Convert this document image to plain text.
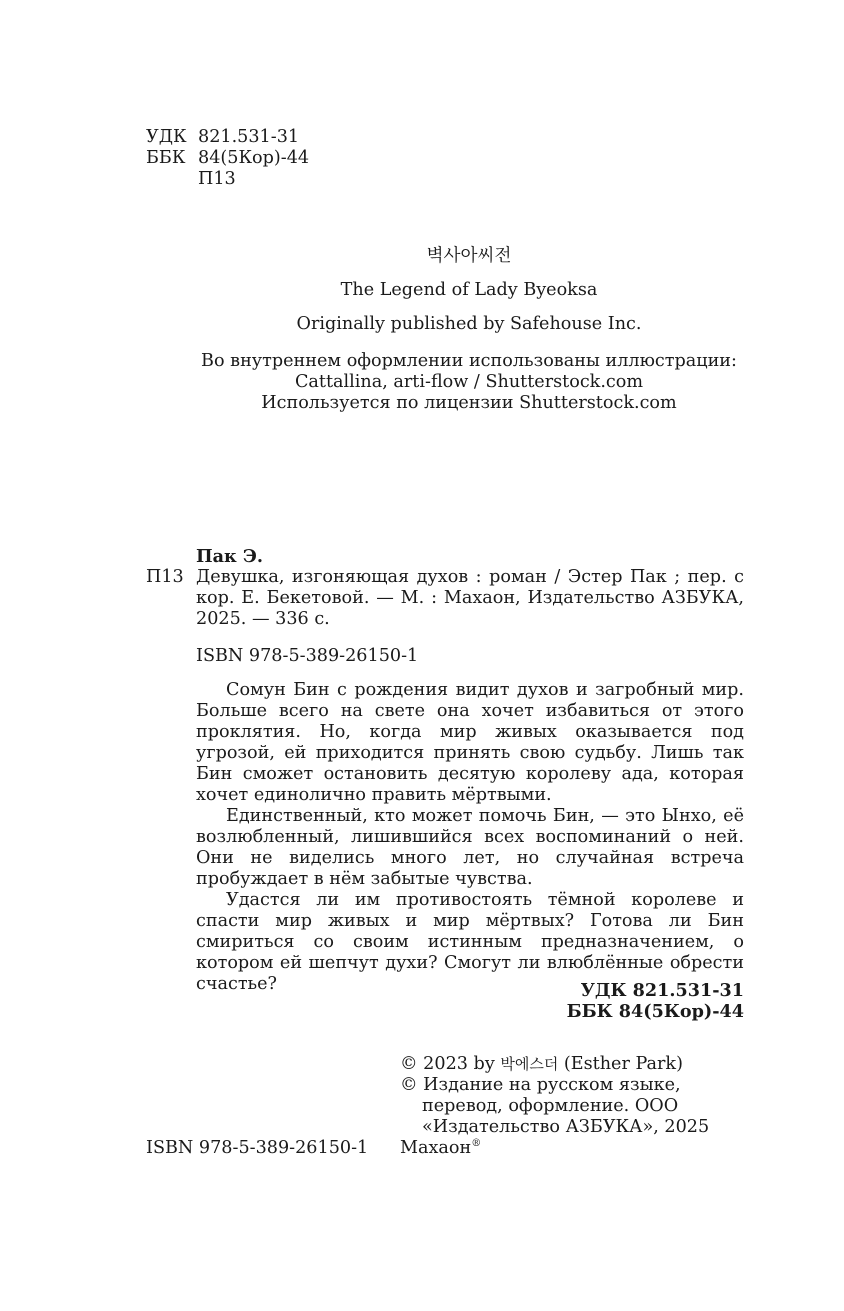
УДК 821.531-31
ББК 84(5Кор)-44
П13
벽사아씨전
The Legend of Lady Byeoksa
Originally published by Safehouse Inc.
Во внутреннем оформлении использованы иллюстрации:
Cattallina, arti-flow / Shutterstock.com
Используется по лицензии Shutterstock.com
Пак Э.
П13 Девушка, изгоняющая духов : роман / Эстер Пак ; пер. с кор. Е. Бекетовой. — М. : Махаон, Издательство АЗБУКА, 2025. — 336 с.
ISBN 978-5-389-26150-1

Сомун Бин с рождения видит духов и загробный мир. Больше всего на свете она хочет избавиться от этого проклятия. Но, когда мир живых оказывается под угрозой, ей приходится принять свою судьбу. Лишь так Бин сможет остановить десятую королеву ада, которая хочет единолично править мёртвыми.

Единственный, кто может помочь Бин, — это Ынхо, её возлюбленный, лишившийся всех воспоминаний о ней. Они не виделись много лет, но случайная встреча пробуждает в нём забытые чувства.

Удастся ли им противостоять тёмной королеве и спасти мир живых и мир мёртвых? Готова ли Бин смириться со своим истинным предназначением, о котором ей шепчут духи? Смогут ли влюблённые обрести счастье?	УДК 821.531-31
ББК 84(5Кор)-44
© 2023 by 박에스더 (Esther Park)
© Издание на русском языке, перевод, оформление. ООО «Издательство АЗБУКА», 2025
Махаон®
ISBN 978-5-389-26150-1
